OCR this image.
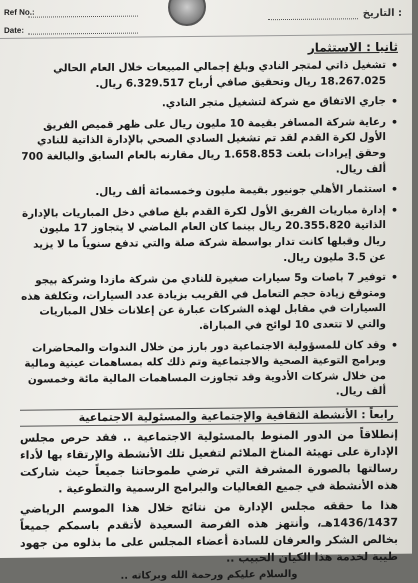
Ref No.:
Date:
: التاريخ
ثانيا : الاستثمار
• تشغيل ذاتي لمتجر النادي وبلغ إجمالي المبيعات خلال العام الحالي 18.267.025 ريال وتحقيق صافي أرباح 6.329.517 ريال.
• جاري الاتفاق مع شركة لتشغيل متجر النادي.
• رعاية شركة المسافر بقيمة 10 مليون ريال على ظهر قميص الفريق الأول لكرة القدم لقد تم تشغيل السادي الصحي بالإدارة الذاتية للنادي وحقق إيرادات بلغت 1.658.853 ريال مقارنه بالعام السابق والبالغة 700 ألف ريال.
• استثمار الأهلي جونيور بقيمة مليون وخمسمائة ألف ريال.
• إدارة مباريات الفريق الأول لكرة القدم بلغ صافي دخل المباريات بالإدارة الذاتية 20.355.820 ريال بينما كان العام الماضي لا يتجاوز 17 مليون ريال وقبلها كانت تدار بواسطة شركة صلة والتي تدفع سنوياً ما لا يزيد عن 3.5 مليون ريال.
• توفير 7 باصات و5 سيارات صغيرة للنادي من شركة مازدا وشركة بيجو ومتوقع زيادة حجم التعامل في القريب بزيادة عدد السيارات، وتكلفة هذه السيارات في مقابل لهذه الشركات عبارة عن إعلانات خلال المباريات والتي لا تتعدى 10 لوائح في المباراة.
• وقد كان للمسؤولية الاجتماعية دور بارز من خلال الندوات والمحاضرات وبرامج التوعية الصحية والاجتماعية وتم ذلك كله بمساهمات عينية ومالية من خلال شركات الأدوية وقد تجاوزت المساهمات المالية مائة وخمسون ألف ريال.
رابعاً : الأنشطة الثقافية والإجتماعية والمسئولية الاجتماعية

إنطلاقاً من الدور المنوط بالمسئولية الاجتماعية .. فقد حرص مجلس الإدارة على تهيئة المناخ الملائم لتفعيل تلك الأنشطة والإرتقاء بها لأداء رسالتها بالصورة المشرفة التي ترضي طموحاتنا جميعاً حيث شاركت هذه الأنشطة في جميع الفعاليات والبرامج الرسمية والتطوعية .

هذا ما حققه مجلس الإدارة من نتائج خلال هذا الموسم الرياضي 1436/1437هـ، وأنتهز هذه الفرصة السعيدة لأتقدم باسمكم جميعاً بخالص الشكر والعرفان للسادة أعضاء المجلس على ما بذلوه من جهود طيبة لخدمة هذا الكيان الحبيب ..

والسلام عليكم ورحمة الله وبركاته ..
